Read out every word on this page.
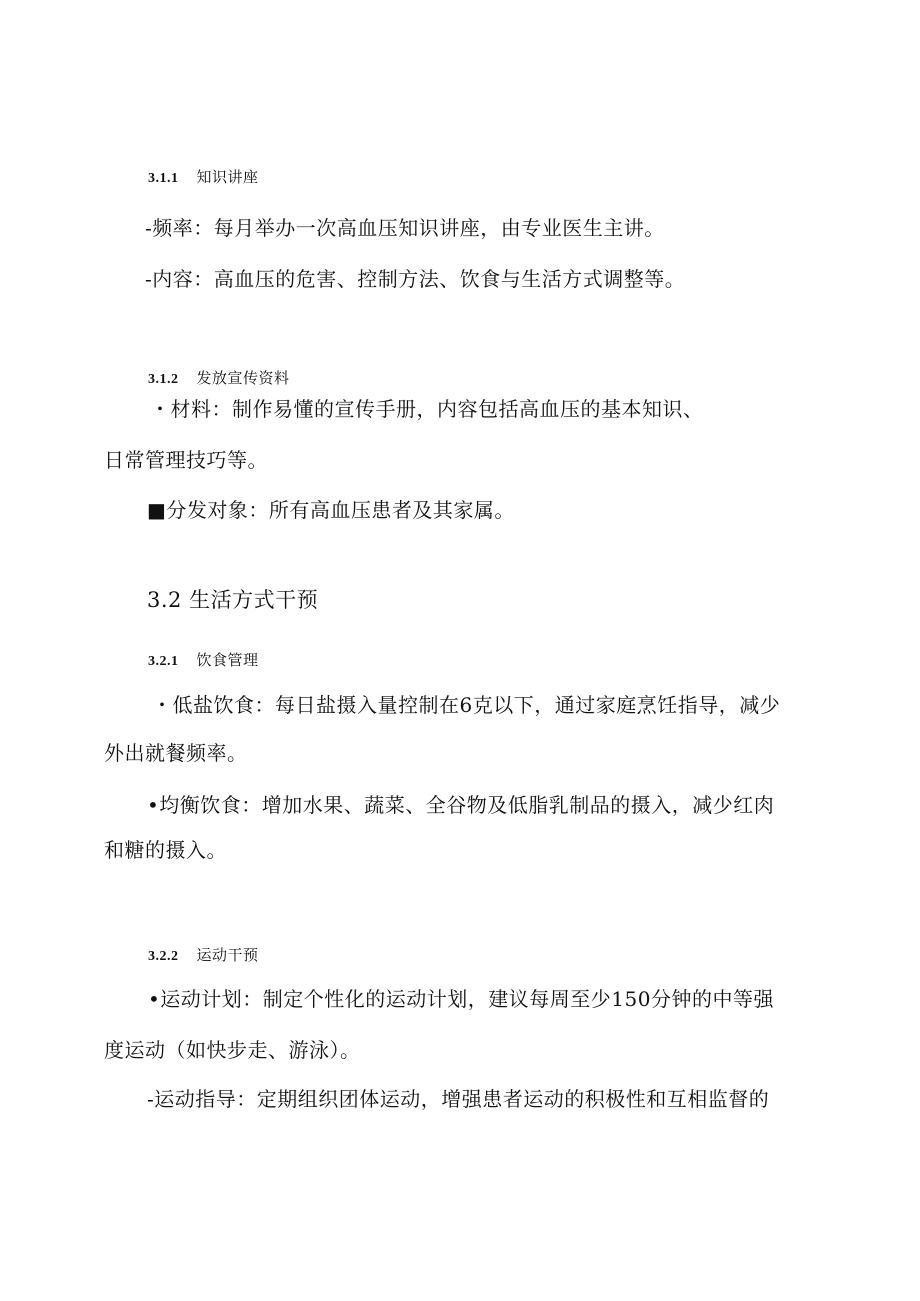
3.1.1 知识讲座
-频率：每月举办一次高血压知识讲座，由专业医生主讲。
-内容：高血压的危害、控制方法、饮食与生活方式调整等。
3.1.2 发放宣传资料
・材料：制作易懂的宣传手册，内容包括高血压的基本知识、
日常管理技巧等。
■分发对象：所有高血压患者及其家属。
3.2 生活方式干预
3.2.1 饮食管理
・低盐饮食：每日盐摄入量控制在6克以下，通过家庭烹饪指导，减少
外出就餐频率。
•均衡饮食：增加水果、蔬菜、全谷物及低脂乳制品的摄入，减少红肉
和糖的摄入。
3.2.2 运动干预
•运动计划：制定个性化的运动计划，建议每周至少150分钟的中等强
度运动（如快步走、游泳）。
-运动指导：定期组织团体运动，增强患者运动的积极性和互相监督的
